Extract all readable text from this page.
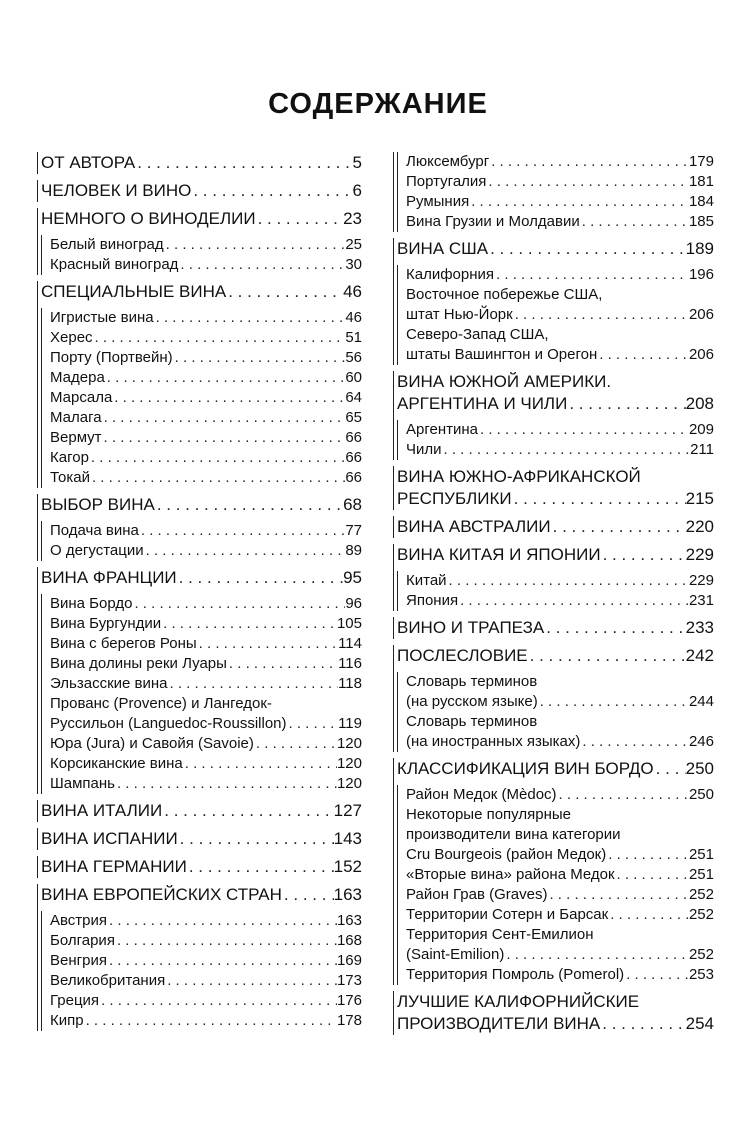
СОДЕРЖАНИЕ
ОТ АВТОРА . . .	5
ЧЕЛОВЕК И ВИНО . . .	6
НЕМНОГО О ВИНОДЕЛИИ . . .	23
Белый виноград . . .	25
Красный виноград . . .	30
СПЕЦИАЛЬНЫЕ ВИНА . . .	46
Игристые вина . . .	46
Херес . . .	51
Порту (Портвейн) . . .	56
Мадера . . .	60
Марсала . . .	64
Малага . . .	65
Вермут . . .	66
Кагор . . .	66
Токай . . .	66
ВЫБОР ВИНА . . .	68
Подача вина . . .	77
О дегустации . . .	89
ВИНА ФРАНЦИИ . . .	95
Вина Бордо . . .	96
Вина Бургундии . . .	105
Вина с берегов Роны . . .	114
Вина долины реки Луары . . .	116
Эльзасские вина . . .	118
Прованс (Provence) и Лангедок-
Руссильон (Languedoc-Roussillon) . . .	119
Юра (Jura) и Савойя (Savoie) . . .	120
Корсиканские вина . . .	120
Шампань . . .	120
ВИНА ИТАЛИИ . . .	127
ВИНА ИСПАНИИ . . .	143
ВИНА ГЕРМАНИИ . . .	152
ВИНА ЕВРОПЕЙСКИХ СТРАН . . .	163
Австрия . . .	163
Болгария . . .	168
Венгрия . . .	169
Великобритания . . .	173
Греция . . .	176
Кипр . . .	178
Люксембург . . .	179
Португалия . . .	181
Румыния . . .	184
Вина Грузии и Молдавии . . .	185
ВИНА США . . .	189
Калифорния . . .	196
Восточное побережье США,
штат Нью-Йорк . . .	206
Северо-Запад США,
штаты Вашингтон и Орегон . . .	206
ВИНА ЮЖНОЙ АМЕРИКИ.
АРГЕНТИНА И ЧИЛИ . . .	208
Аргентина . . .	209
Чили . . .	211
ВИНА ЮЖНО-АФРИКАНСКОЙ
РЕСПУБЛИКИ . . .	215
ВИНА АВСТРАЛИИ . . .	220
ВИНА КИТАЯ И ЯПОНИИ . . .	229
Китай . . .	229
Япония . . .	231
ВИНО И ТРАПЕЗА . . .	233
ПОСЛЕСЛОВИЕ . . .	242
Словарь терминов
(на русском языке) . . .	244
Словарь терминов
(на иностранных языках) . . .	246
КЛАССИФИКАЦИЯ ВИН БОРДО . . . 250
Район Медок (Mèdoc) . . .	250
Некоторые популярные
производители вина категории
Cru Bourgeois (район Медок) . . .	251
«Вторые вина» района Медок . . .	251
Район Грав (Graves) . . .	252
Территории Сотерн и Барсак . . .	252
Территория Сент-Емилион
(Saint-Emilion) . . .	252
Территория Помроль (Pomerol) . . .	253
ЛУЧШИЕ КАЛИФОРНИЙСКИЕ
ПРОИЗВОДИТЕЛИ ВИНА . . .	254
